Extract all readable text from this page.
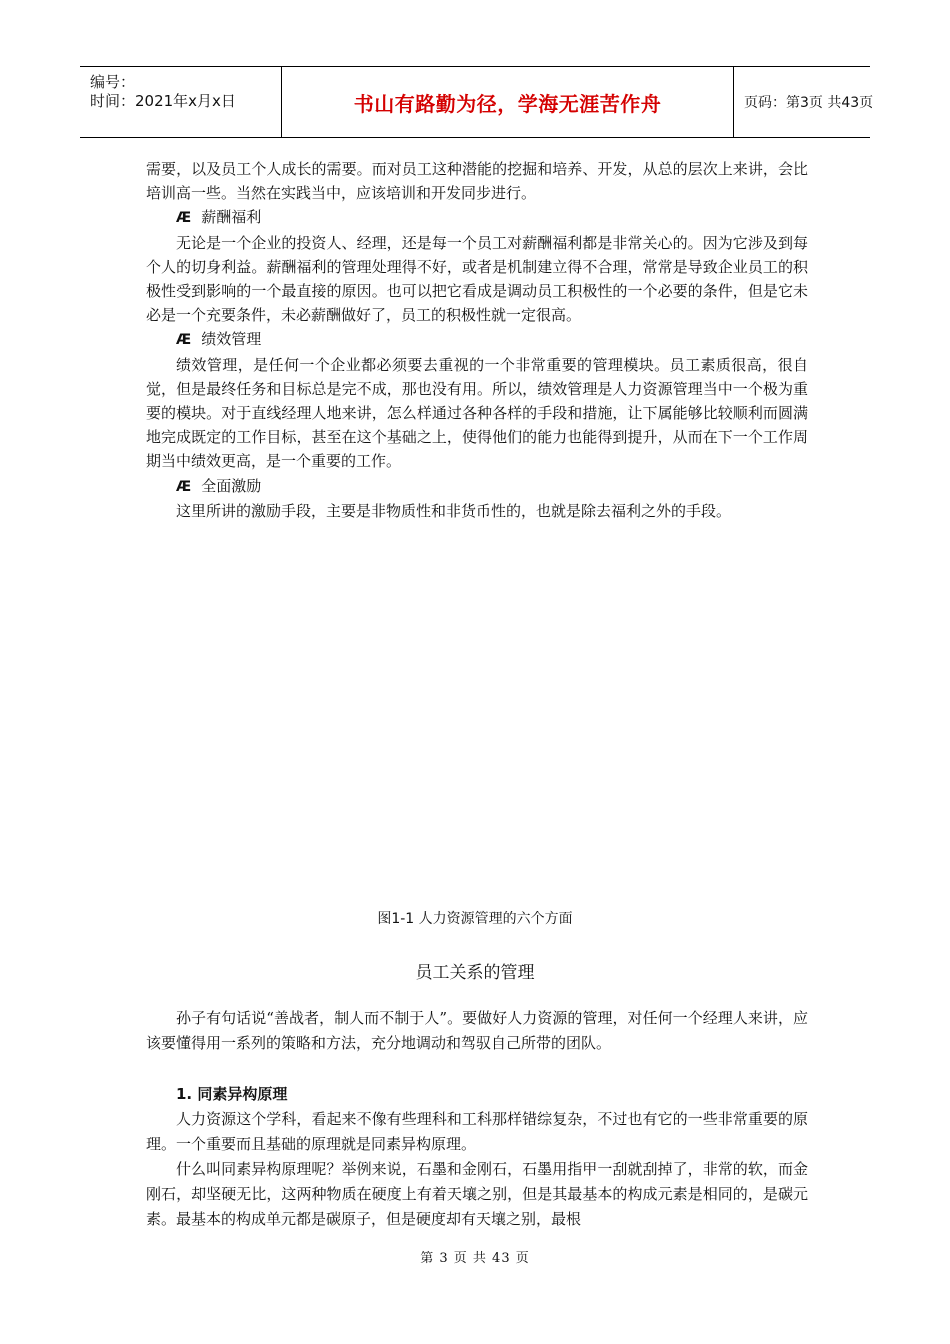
编号：
时间：2021年x月x日	书山有路勤为径，学海无涯苦作舟	页码：第3页 共43页

需要，以及员工个人成长的需要。而对员工这种潜能的挖掘和培养、开发，从总的层次上来讲，会比培训高一些。当然在实践当中，应该培训和开发同步进行。

Æ 薪酬福利

无论是一个企业的投资人、经理，还是每一个员工对薪酬福利都是非常关心的。因为它涉及到每个人的切身利益。薪酬福利的管理处理得不好，或者是机制建立得不合理，常常是导致企业员工的积极性受到影响的一个最直接的原因。也可以把它看成是调动员工积极性的一个必要的条件，但是它未必是一个充要条件，未必薪酬做好了，员工的积极性就一定很高。

Æ 绩效管理

绩效管理，是任何一个企业都必须要去重视的一个非常重要的管理模块。员工素质很高，很自觉，但是最终任务和目标总是完不成，那也没有用。所以，绩效管理是人力资源管理当中一个极为重要的模块。对于直线经理人地来讲，怎么样通过各种各样的手段和措施，让下属能够比较顺利而圆满地完成既定的工作目标，甚至在这个基础之上，使得他们的能力也能得到提升，从而在下一个工作周期当中绩效更高，是一个重要的工作。

Æ 全面激励

这里所讲的激励手段，主要是非物质性和非货币性的，也就是除去福利之外的手段。

图1-1 人力资源管理的六个方面
员工关系的管理

孙子有句话说“善战者，制人而不制于人”。要做好人力资源的管理，对任何一个经理人来讲，应该要懂得用一系列的策略和方法，充分地调动和驾驭自己所带的团队。

1. 同素异构原理

人力资源这个学科，看起来不像有些理科和工科那样错综复杂，不过也有它的一些非常重要的原理。一个重要而且基础的原理就是同素异构原理。

什么叫同素异构原理呢？举例来说，石墨和金刚石，石墨用指甲一刮就刮掉了，非常的软，而金刚石，却坚硬无比，这两种物质在硬度上有着天壤之别，但是其最基本的构成元素是相同的，是碳元素。最基本的构成单元都是碳原子，但是硬度却有天壤之别，最根

第 3 页 共 43 页
